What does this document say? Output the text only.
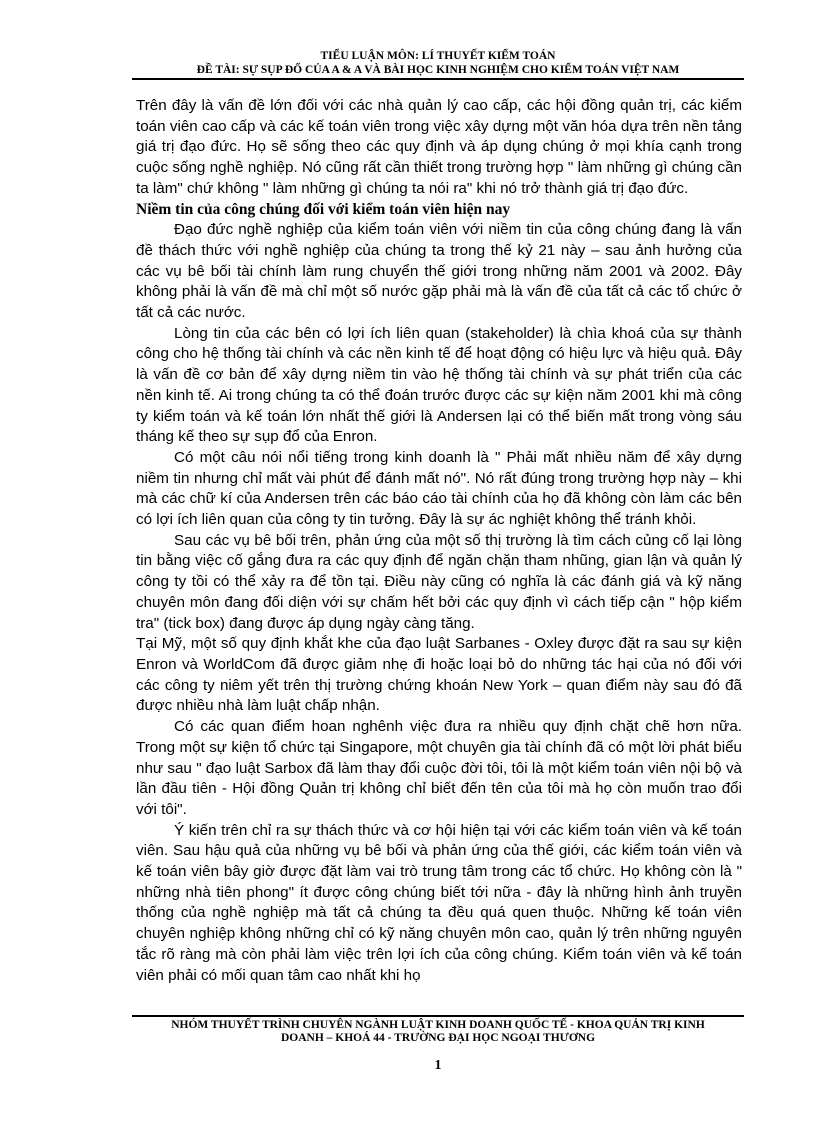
TIỂU LUẬN MÔN: LÍ THUYẾT KIỂM TOÁN
ĐỀ TÀI: SỰ SỤP ĐỔ CỦA A & A VÀ BÀI HỌC KINH NGHIỆM CHO KIỂM TOÁN VIỆT NAM

Trên đây là vấn đề lớn đối với các nhà quản lý cao cấp, các hội đồng quản trị, các kiểm toán viên cao cấp và các kế toán viên trong việc xây dựng một văn hóa dựa trên nền tảng giá trị đạo đức. Họ sẽ sống theo các quy định và áp dụng chúng ở mọi khía cạnh trong cuộc sống nghề nghiệp. Nó cũng rất cần thiết trong trường hợp " làm những gì chúng cần ta làm" chứ không " làm những gì chúng ta nói ra" khi nó trở thành giá trị đạo đức.

Niềm tin của công chúng đối với kiểm toán viên hiện nay

Đạo đức nghề nghiệp của kiểm toán viên với niềm tin của công chúng đang là vấn đề thách thức với nghề nghiệp của chúng ta trong thế kỷ 21 này – sau ảnh hưởng của các vụ bê bối tài chính làm rung chuyển thế giới trong những năm 2001 và 2002. Đây không phải là vấn đề mà chỉ một số nước gặp phải mà là vấn đề của tất cả các tổ chức ở tất cả các nước.

Lòng tin của các bên có lợi ích liên quan (stakeholder) là chìa khoá của sự thành công cho hệ thống tài chính và các nền kinh tế để hoạt động có hiệu lực và hiệu quả. Đây là vấn đề cơ bản để xây dựng niềm tin vào hệ thống tài chính và sự phát triển của các nền kinh tế. Ai trong chúng ta có thể đoán trước được các sự kiện năm 2001 khi mà công ty kiểm toán và kế toán lớn nhất thế giới là Andersen lại có thể biến mất trong vòng sáu tháng kế theo sự sụp đổ của Enron.

Có một câu nói nổi tiếng trong kinh doanh là " Phải mất nhiều năm để xây dựng niềm tin nhưng chỉ mất vài phút để đánh mất nó". Nó rất đúng trong trường hợp này – khi mà các chữ kí của Andersen trên các báo cáo tài chính của họ đã không còn làm các bên có lợi ích liên quan của công ty tin tưởng. Đây là sự ác nghiệt không thể tránh khỏi.

Sau các vụ bê bối trên, phản ứng của một số thị trường là tìm cách củng cố lại lòng tin bằng việc cố gắng đưa ra các quy định để ngăn chặn tham nhũng, gian lận và quản lý công ty tồi có thể xảy ra để tồn tại. Điều này cũng có nghĩa là các đánh giá và kỹ năng chuyên môn đang đối diện với sự chấm hết bởi các quy định vì cách tiếp cận " hộp kiểm tra" (tick box) đang được áp dụng ngày càng tăng.

Tại Mỹ, một số quy định khắt khe của đạo luật Sarbanes - Oxley được đặt ra sau sự kiện Enron và WorldCom đã được giảm nhẹ đi hoặc loại bỏ do những tác hại của nó đối với các công ty niêm yết trên thị trường chứng khoán New York – quan điểm này sau đó đã được nhiều nhà làm luật chấp nhận.

Có các quan điểm hoan nghênh việc đưa ra nhiều quy định chặt chẽ hơn nữa. Trong một sự kiện tổ chức tại Singapore, một chuyên gia tài chính đã có một lời phát biểu như sau " đạo luật Sarbox đã làm thay đổi cuộc đời tôi, tôi là một kiểm toán viên nội bộ và lần đầu tiên - Hội đồng Quản trị không chỉ biết đến tên của tôi mà họ còn muốn trao đổi với tôi".

Ý kiến trên chỉ ra sự thách thức và cơ hội hiện tại với các kiểm toán viên và kế toán viên. Sau hậu quả của những vụ bê bối và phản ứng của thế giới, các kiểm toán viên và kế toán viên bây giờ được đặt làm vai trò trung tâm trong các tổ chức. Họ không còn là " những nhà tiên phong" ít được công chúng biết tới nữa - đây là những hình ảnh truyền thống của nghề nghiệp mà tất cả chúng ta đều quá quen thuộc. Những kế toán viên chuyên nghiệp không những chỉ có kỹ năng chuyên môn cao, quản lý trên những nguyên tắc rõ ràng mà còn phải làm việc trên lợi ích của công chúng. Kiểm toán viên và kế toán viên phải có mối quan tâm cao nhất khi họ

NHÓM THUYẾT TRÌNH CHUYÊN NGÀNH LUẬT KINH DOANH QUỐC TẾ - KHOA QUẢN TRỊ KINH
DOANH – KHOÁ 44 - TRƯỜNG ĐẠI HỌC NGOẠI THƯƠNG
1
